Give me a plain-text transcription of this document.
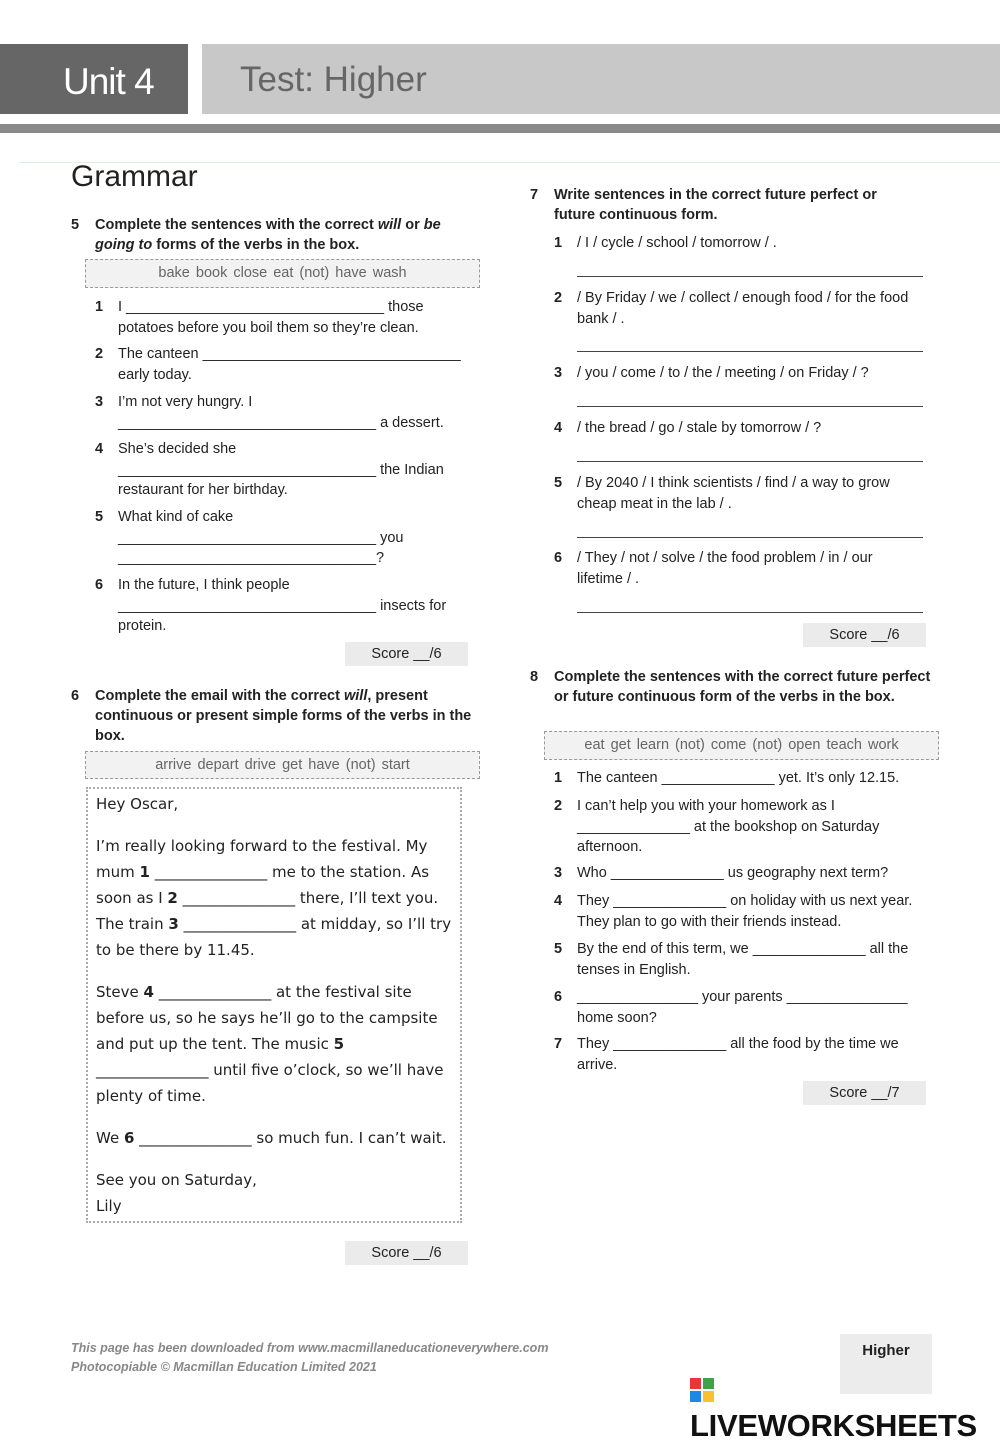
Unit 4	Test: Higher
Grammar
5 Complete the sentences with the correct will or be going to forms of the verbs in the box.
bake book close eat (not) have wash
1 I ________________________________ those
potatoes before you boil them so they’re clean.
2 The canteen ________________________________
early today.
3 I’m not very hungry. I
________________________________ a dessert.
4 She’s decided she
________________________________ the Indian
restaurant for her birthday.
5 What kind of cake
________________________________ you
________________________________?
6 In the future, I think people
________________________________ insects for
protein.
Score __/6
6 Complete the email with the correct will, present continuous or present simple forms of the verbs in the box.
arrive depart drive get have (not) start

Hey Oscar,

I’m really looking forward to the festival. My mum 1 _______________ me to the station. As soon as I 2 _______________ there, I’ll text you. The train 3 _______________ at midday, so I’ll try to be there by 11.45.

Steve 4 _______________ at the festival site before us, so he says he’ll go to the campsite and put up the tent. The music 5 _______________ until five o’clock, so we’ll have plenty of time.

We 6 _______________ so much fun. I can’t wait.

See you on Saturday,
Lily
Score __/6
7 Write sentences in the correct future perfect or future continuous form.
1 / I / cycle / school / tomorrow / .
2 / By Friday / we / collect / enough food / for the food
bank / .
3 / you / come / to / the / meeting / on Friday / ?
4 / the bread / go / stale by tomorrow / ?
5 / By 2040 / I think scientists / find / a way to grow
cheap meat in the lab / .
6 / They / not / solve / the food problem / in / our
lifetime / .
Score __/6
8 Complete the sentences with the correct future perfect or future continuous form of the verbs in the box.
eat get learn (not) come (not) open teach work
1 The canteen ______________ yet. It’s only 12.15.
2 I can’t help you with your homework as I
______________ at the bookshop on Saturday
afternoon.
3 Who ______________ us geography next term?
4 They ______________ on holiday with us next year.
They plan to go with their friends instead.
5 By the end of this term, we ______________ all the
tenses in English.
6 _______________ your parents _______________
home soon?
7 They ______________ all the food by the time we
arrive.
Score __/7
This page has been downloaded from www.macmillaneducationeverywhere.com
Photocopiable © Macmillan Education Limited 2021
Higher
LIVEWORKSHEETS
